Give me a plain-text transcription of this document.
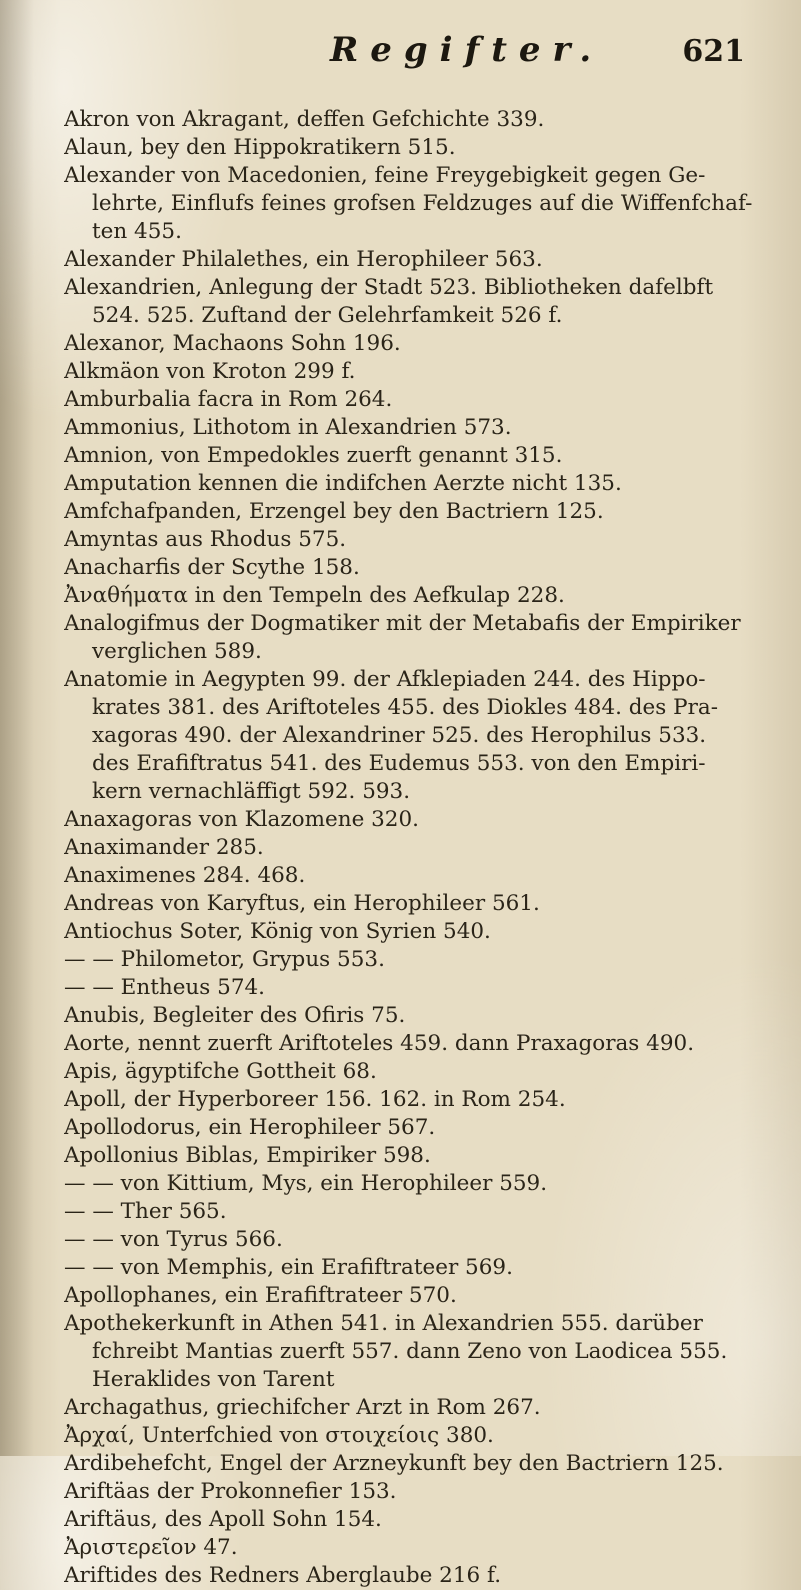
Regifter.	621
Akron von Akragant, deffen Gefchichte 339.
Alaun, bey den Hippokratikern 515.
Alexander von Macedonien, feine Freygebigkeit gegen Ge-
lehrte, Einflufs feines grofsen Feldzuges auf die Wiffenfchaf-
ten 455.
Alexander Philalethes, ein Herophileer 563.
Alexandrien, Anlegung der Stadt 523. Bibliotheken dafelbft
524. 525. Zuftand der Gelehrfamkeit 526 f.
Alexanor, Machaons Sohn 196.
Alkmäon von Kroton 299 f.
Amburbalia facra in Rom 264.
Ammonius, Lithotom in Alexandrien 573.
Amnion, von Empedokles zuerft genannt 315.
Amputation kennen die indifchen Aerzte nicht 135.
Amfchafpanden, Erzengel bey den Bactriern 125.
Amyntas aus Rhodus 575.
Anacharfis der Scythe 158.
Ἀναθήματα in den Tempeln des Aefkulap 228.
Analogifmus der Dogmatiker mit der Metabafis der Empiriker
verglichen 589.
Anatomie in Aegypten 99. der Afklepiaden 244. des Hippo-
krates 381. des Ariftoteles 455. des Diokles 484. des Pra-
xagoras 490. der Alexandriner 525. des Herophilus 533.
des Erafiftratus 541. des Eudemus 553. von den Empiri-
kern vernachläffigt 592. 593.
Anaxagoras von Klazomene 320.
Anaximander 285.
Anaximenes 284. 468.
Andreas von Karyftus, ein Herophileer 561.
Antiochus Soter, König von Syrien 540.
— — Philometor, Grypus 553.
— — Entheus 574.
Anubis, Begleiter des Ofiris 75.
Aorte, nennt zuerft Ariftoteles 459. dann Praxagoras 490.
Apis, ägyptifche Gottheit 68.
Apoll, der Hyperboreer 156. 162. in Rom 254.
Apollodorus, ein Herophileer 567.
Apollonius Biblas, Empiriker 598.
— — von Kittium, Mys, ein Herophileer 559.
— — Ther 565.
— — von Tyrus 566.
— — von Memphis, ein Erafiftrateer 569.
Apollophanes, ein Erafiftrateer 570.
Apothekerkunft in Athen 541. in Alexandrien 555. darüber
fchreibt Mantias zuerft 557. dann Zeno von Laodicea 555.
Heraklides von Tarent
Archagathus, griechifcher Arzt in Rom 267.
Ἀρχαί, Unterfchied von στοιχείοις 380.
Ardibehefcht, Engel der Arzneykunft bey den Bactriern 125.
Ariftäas der Prokonnefier 153.
Ariftäus, des Apoll Sohn 154.
Ἀριστερεῖον 47.
Ariftides des Redners Aberglaube 216 f.
